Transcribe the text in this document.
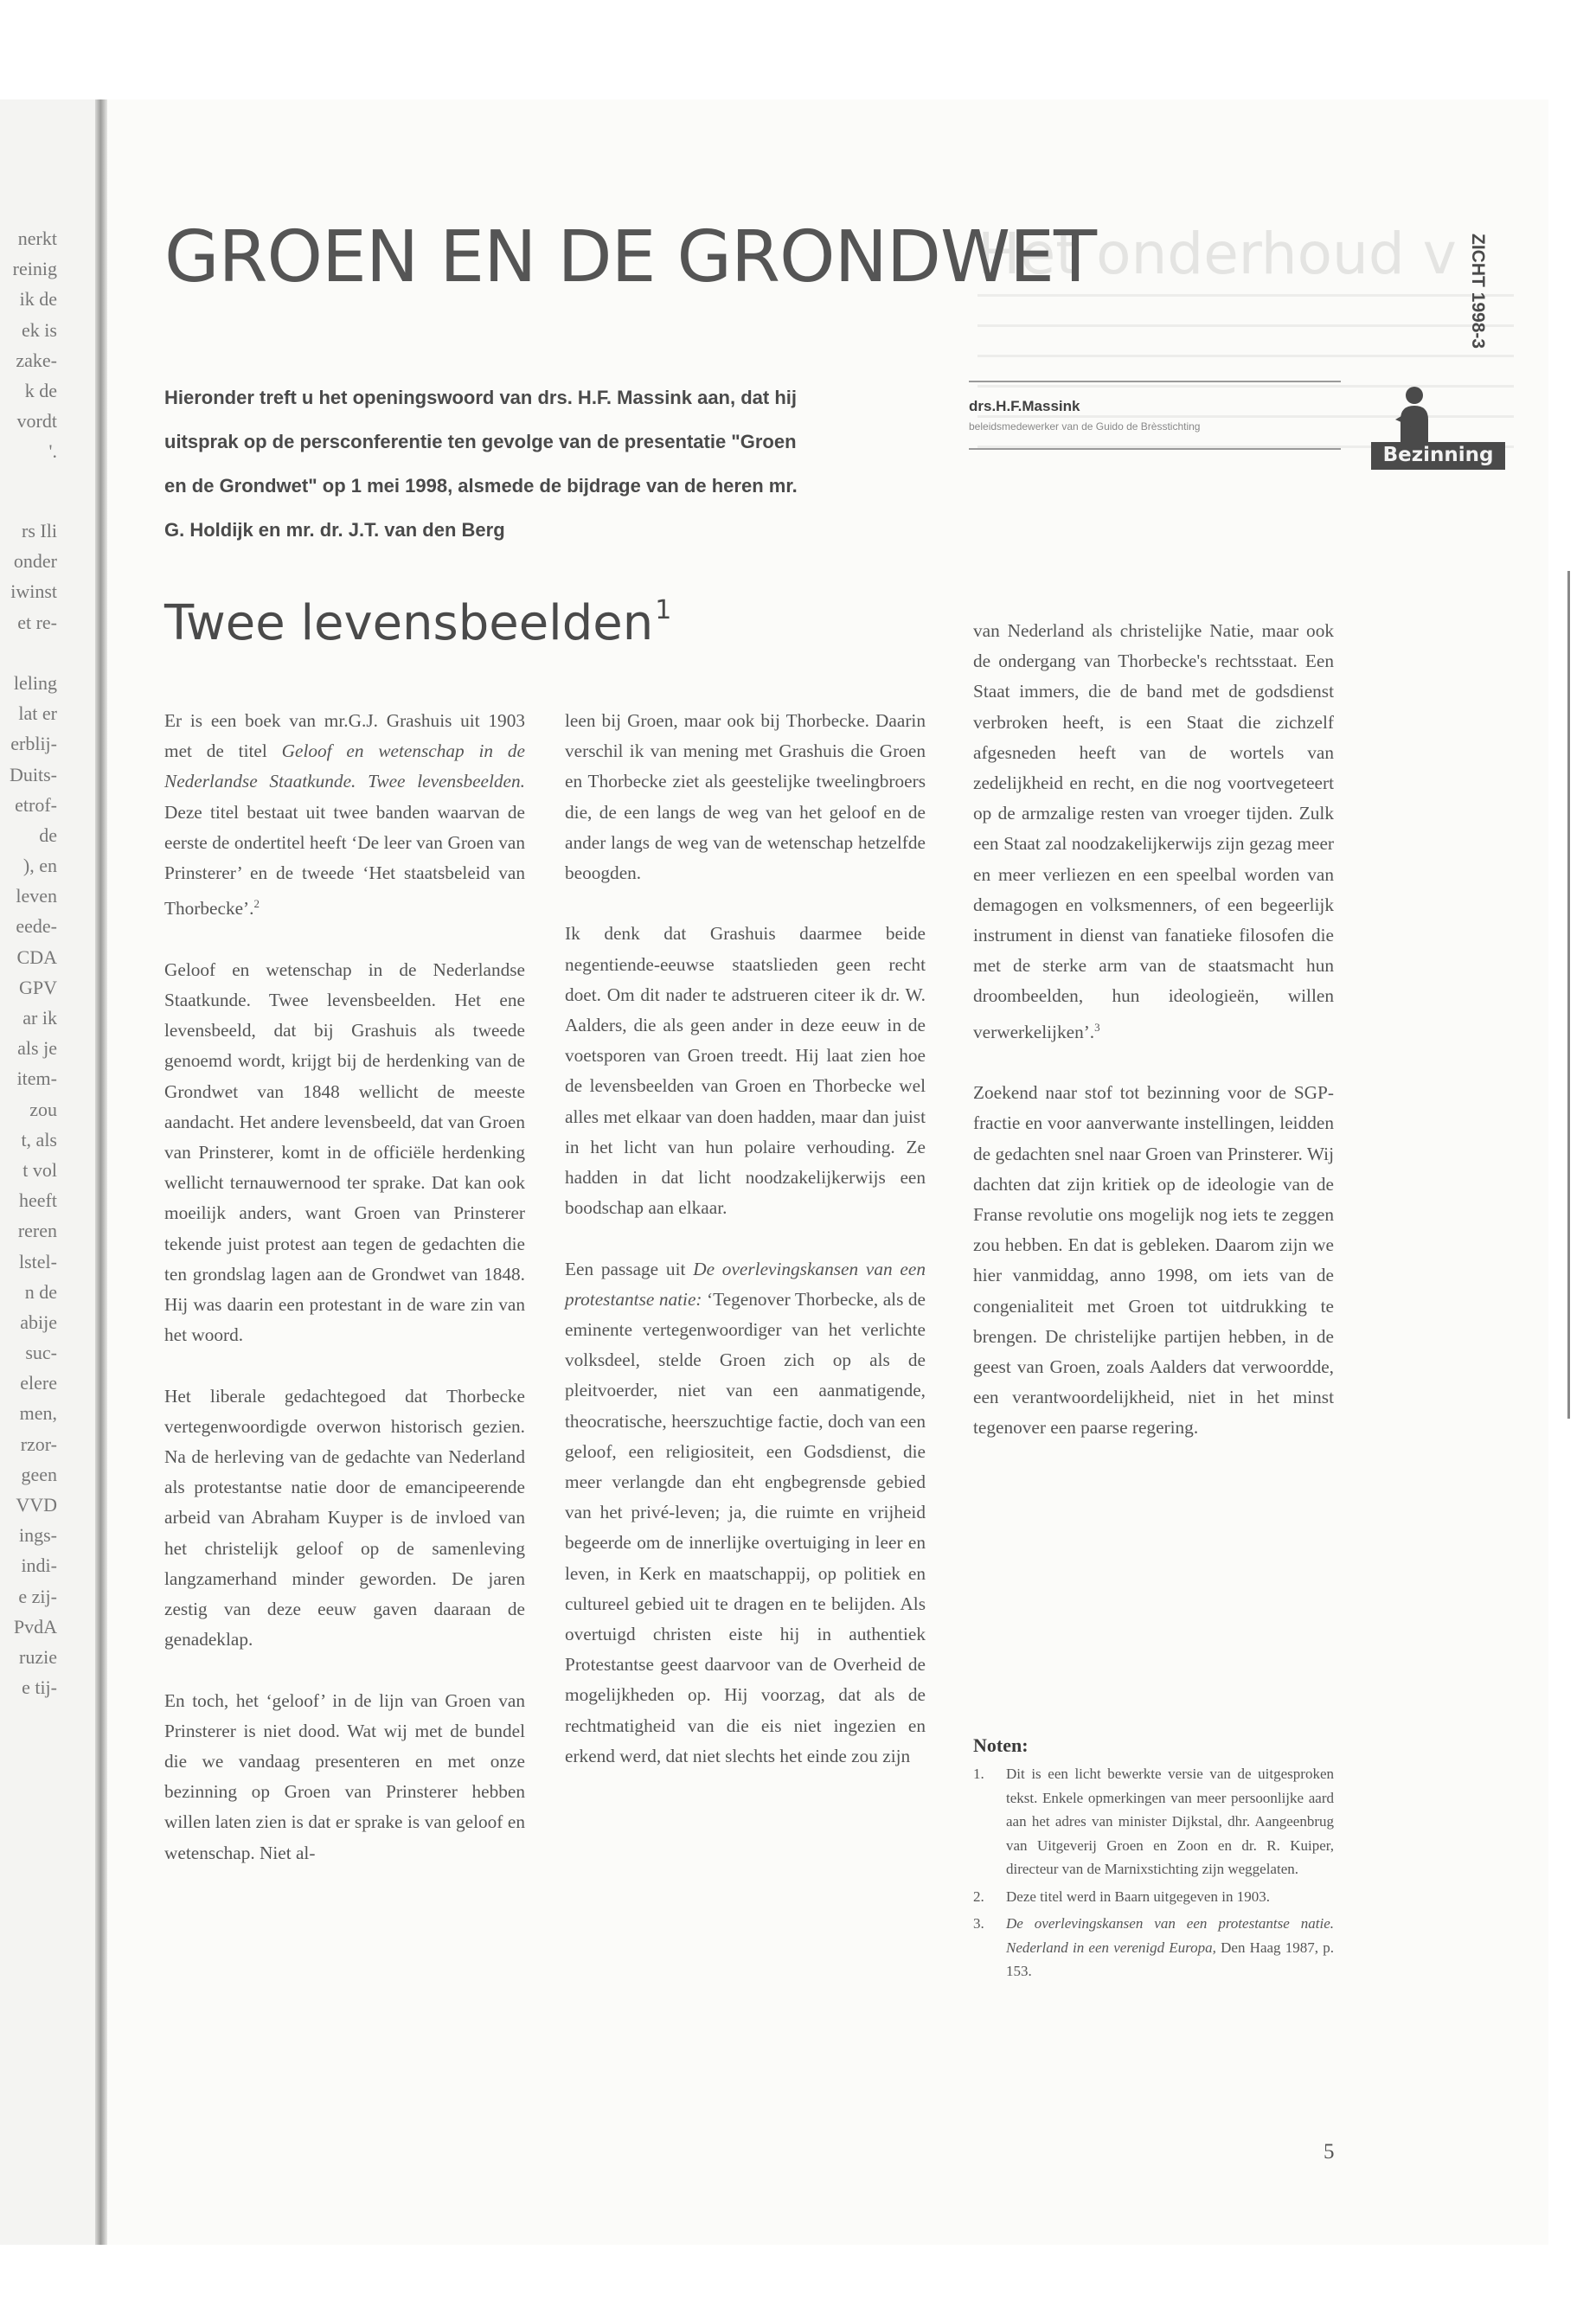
nerkt
reinig
ik de
ek is
zake-
k de
vordt
'.
rs Ili
onder
iwinst
et re-
leling
lat er
erblij-
Duits-
etrof-
de
), en
leven
eede-
CDA
GPV
ar ik
als je
item-
zou
t, als
t vol
heeft
reren
lstel-
n de
abije
suc-
elere
men,
rzor-
geen
VVD
ings-
indi-
e zij-
PvdA
ruzie
e tij-
Het onderhoud v
GROEN EN DE GRONDWET
Hieronder treft u het openingswoord van drs. H.F. Massink aan, dat hij
uitsprak op de persconferentie ten gevolge van de presentatie "Groen
en de Grondwet" op 1 mei 1998, alsmede de bijdrage van de heren mr.
G. Holdijk en mr. dr. J.T. van den Berg
drs.H.F.Massink
beleidsmedewerker van de Guido de Brèsstichting
ZICHT 1998-3
Bezinning
Twee levensbeelden$^1$

Er is een boek van mr.G.J. Grashuis uit 1903 met de titel Geloof en wetenschap in de Nederlandse Staatkunde. Twee levensbeelden. Deze titel bestaat uit twee banden waarvan de eerste de ondertitel heeft ‘De leer van Groen van Prinsterer’ en de tweede ‘Het staatsbeleid van Thorbecke’.$^2$

Geloof en wetenschap in de Nederlandse Staatkunde. Twee levensbeelden. Het ene levensbeeld, dat bij Grashuis als tweede genoemd wordt, krijgt bij de herdenking van de Grondwet van 1848 wellicht de meeste aandacht. Het andere levensbeeld, dat van Groen van Prinsterer, komt in de officiële herdenking wellicht ternauwernood ter sprake. Dat kan ook moeilijk anders, want Groen van Prinsterer tekende juist protest aan tegen de gedachten die ten grondslag lagen aan de Grondwet van 1848. Hij was daarin een protestant in de ware zin van het woord.

Het liberale gedachtegoed dat Thorbecke vertegenwoordigde overwon historisch gezien. Na de herleving van de gedachte van Nederland als protestantse natie door de emancipeerende arbeid van Abraham Kuyper is de invloed van het christelijk geloof op de samenleving langzamerhand minder geworden. De jaren zestig van deze eeuw gaven daaraan de genadeklap.

En toch, het ‘geloof’ in de lijn van Groen van Prinsterer is niet dood. Wat wij met de bundel die we vandaag presenteren en met onze bezinning op Groen van Prinsterer hebben willen laten zien is dat er sprake is van geloof en wetenschap. Niet al-

leen bij Groen, maar ook bij Thorbecke. Daarin verschil ik van mening met Grashuis die Groen en Thorbecke ziet als geestelijke tweelingbroers die, de een langs de weg van het geloof en de ander langs de weg van de wetenschap hetzelfde beoogden.

Ik denk dat Grashuis daarmee beide negentiende-eeuwse staatslieden geen recht doet. Om dit nader te adstrueren citeer ik dr. W. Aalders, die als geen ander in deze eeuw in de voetsporen van Groen treedt. Hij laat zien hoe de levensbeelden van Groen en Thorbecke wel alles met elkaar van doen hadden, maar dan juist in het licht van hun polaire verhouding. Ze hadden in dat licht noodzakelijkerwijs een boodschap aan elkaar.

Een passage uit De overlevingskansen van een protestantse natie: ‘Tegenover Thorbecke, als de eminente vertegenwoordiger van het verlichte volksdeel, stelde Groen zich op als de pleitvoerder, niet van een aanmatigende, theocratische, heerszuchtige factie, doch van een geloof, een religiositeit, een Godsdienst, die meer verlangde dan eht engbegrensde gebied van het privé-leven; ja, die ruimte en vrijheid begeerde om de innerlijke overtuiging in leer en leven, in Kerk en maatschappij, op politiek en cultureel gebied uit te dragen en te belijden. Als overtuigd christen eiste hij in authentiek Protestantse geest daarvoor van de Overheid de mogelijkheden op. Hij voorzag, dat als de rechtmatigheid van die eis niet ingezien en erkend werd, dat niet slechts het einde zou zijn

van Nederland als christelijke Natie, maar ook de ondergang van Thorbecke's rechtsstaat. Een Staat immers, die de band met de godsdienst verbroken heeft, is een Staat die zichzelf afgesneden heeft van de wortels van zedelijkheid en recht, en die nog voortvegeteert op de armzalige resten van vroeger tijden. Zulk een Staat zal noodzakelijkerwijs zijn gezag meer en meer verliezen en een speelbal worden van demagogen en volksmenners, of een begeerlijk instrument in dienst van fanatieke filosofen die met de sterke arm van de staatsmacht hun droombeelden, hun ideologieën, willen verwerkelijken’.$^3$

Zoekend naar stof tot bezinning voor de SGP-fractie en voor aanverwante instellingen, leidden de gedachten snel naar Groen van Prinsterer. Wij dachten dat zijn kritiek op de ideologie van de Franse revolutie ons mogelijk nog iets te zeggen zou hebben. En dat is gebleken. Daarom zijn we hier vanmiddag, anno 1998, om iets van de congenialiteit met Groen tot uitdrukking te brengen. De christelijke partijen hebben, in de geest van Groen, zoals Aalders dat verwoordde, een verantwoordelijkheid, niet in het minst tegenover een paarse regering.

Noten:
1. Dit is een licht bewerkte versie van de uitgesproken tekst. Enkele opmerkingen van meer persoonlijke aard aan het adres van minister Dijkstal, dhr. Aangeenbrug van Uitgeverij Groen en Zoon en dr. R. Kuiper, directeur van de Marnixstichting zijn weggelaten.
2. Deze titel werd in Baarn uitgegeven in 1903.
3. De overlevingskansen van een protestantse natie. Nederland in een verenigd Europa, Den Haag 1987, p. 153.
5
